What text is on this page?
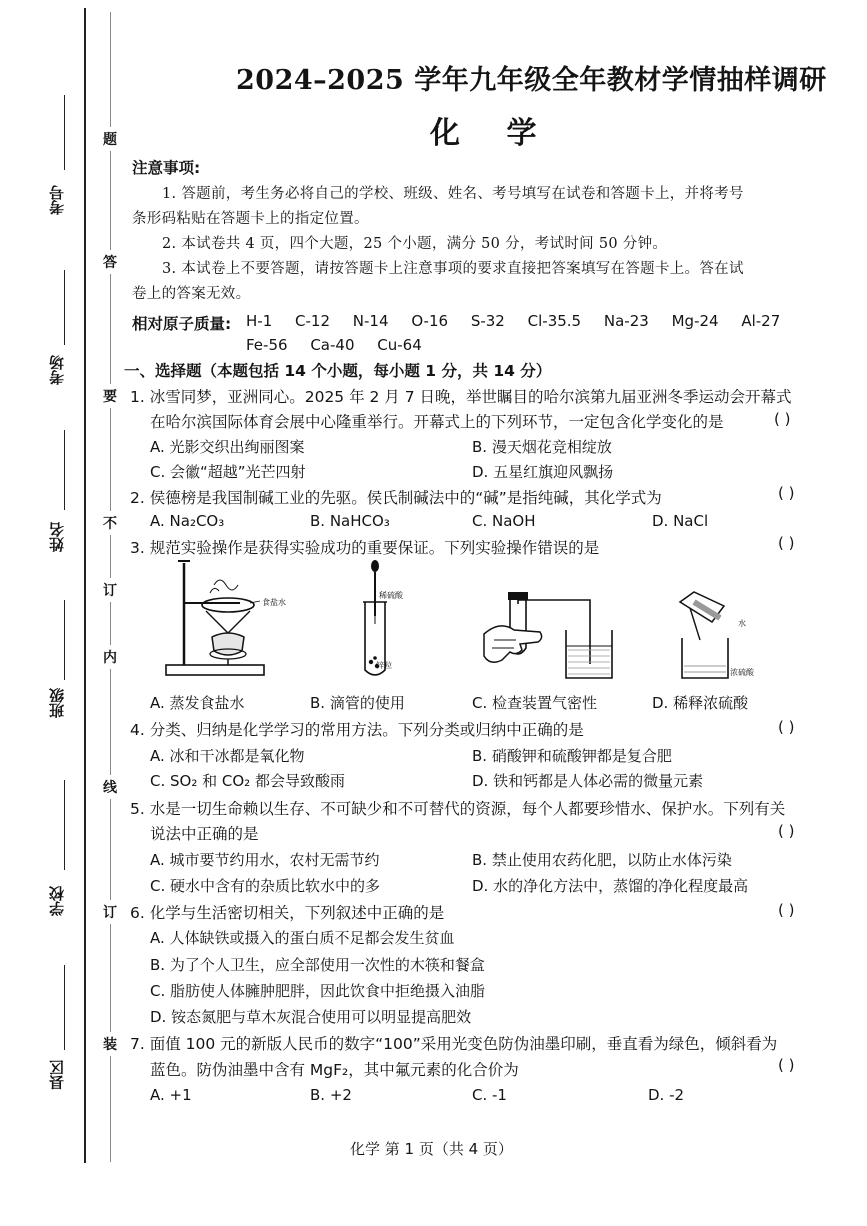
考号
考场
姓名
班级
学校
县区
题
答
要
不
订
内
线
订
装
2024–2025 学年九年级全年教材学情抽样调研
化 学
注意事项:
1. 答题前，考生务必将自己的学校、班级、姓名、考号填写在试卷和答题卡上，并将考号
条形码粘贴在答题卡上的指定位置。
2. 本试卷共 4 页，四个大题，25 个小题，满分 50 分，考试时间 50 分钟。
3. 本试卷上不要答题，请按答题卡上注意事项的要求直接把答案填写在答题卡上。答在试
卷上的答案无效。
相对原子质量: H-1 C-12 N-14 O-16 S-32 Cl-35.5 Na-23 Mg-24 Al-27
Fe-56 Ca-40 Cu-64
一、选择题（本题包括 14 个小题，每小题 1 分，共 14 分）
1. 冰雪同梦，亚洲同心。2025 年 2 月 7 日晚，举世瞩目的哈尔滨第九届亚洲冬季运动会开幕式
在哈尔滨国际体育会展中心隆重举行。开幕式上的下列环节，一定包含化学变化的是	( )
A. 光影交织出绚丽图案	B. 漫天烟花竞相绽放
C. 会徽“超越”光芒四射	D. 五星红旗迎风飘扬
2. 侯德榜是我国制碱工业的先驱。侯氏制碱法中的“碱”是指纯碱，其化学式为	( )
A. Na₂CO₃	B. NaHCO₃	C. NaOH	D. NaCl
3. 规范实验操作是获得实验成功的重要保证。下列实验操作错误的是	( )
食盐水
稀硫酸
锌粒
水
浓硫酸
A. 蒸发食盐水	B. 滴管的使用	C. 检查装置气密性	D. 稀释浓硫酸
4. 分类、归纳是化学学习的常用方法。下列分类或归纳中正确的是	( )
A. 冰和干冰都是氧化物	B. 硝酸钾和硫酸钾都是复合肥
C. SO₂ 和 CO₂ 都会导致酸雨	D. 铁和钙都是人体必需的微量元素
5. 水是一切生命赖以生存、不可缺少和不可替代的资源，每个人都要珍惜水、保护水。下列有关
说法中正确的是	( )
A. 城市要节约用水，农村无需节约	B. 禁止使用农药化肥，以防止水体污染
C. 硬水中含有的杂质比软水中的多	D. 水的净化方法中，蒸馏的净化程度最高
6. 化学与生活密切相关，下列叙述中正确的是	( )
A. 人体缺铁或摄入的蛋白质不足都会发生贫血
B. 为了个人卫生，应全部使用一次性的木筷和餐盒
C. 脂肪使人体臃肿肥胖，因此饮食中拒绝摄入油脂
D. 铵态氮肥与草木灰混合使用可以明显提高肥效
7. 面值 100 元的新版人民币的数字“100”采用光变色防伪油墨印刷，垂直看为绿色，倾斜看为
蓝色。防伪油墨中含有 MgF₂，其中氟元素的化合价为	( )
A. +1	B. +2	C. -1	D. -2
化学 第 1 页（共 4 页）
